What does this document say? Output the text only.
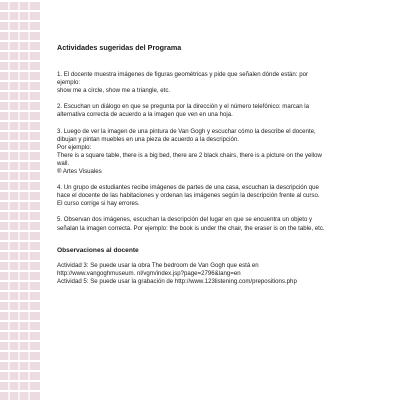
Actividades sugeridas del Programa
1. El docente muestra imágenes de figuras geométricas y pide que señalen dónde están: por
ejemplo:
show me a circle, show me a triangle, etc.
2. Escuchan un diálogo en que se pregunta por la dirección y el número telefónico: marcan la
alternativa correcta de acuerdo a la imagen que ven en una hoja.
3. Luego de ver la imagen de una pintura de Van Gogh y escuchar cómo la describe el docente,
dibujan y pintan muebles en una pieza de acuerdo a la descripción.
Por ejemplo:
There is a square table, there is a big bed, there are 2 black chairs, there is a picture on the yellow
wall.
® Artes Visuales
4. Un grupo de estudiantes recibe imágenes de partes de una casa, escuchan la descripción que
hace el docente de las habitaciones y ordenan las imágenes según la descripción frente al curso.
El curso corrige si hay errores.
5. Observan dos imágenes, escuchan la descripción del lugar en que se encuentra un objeto y
señalan la imagen correcta. Por ejemplo: the book is under the chair, the eraser is on the table, etc.
Observaciones al docente
Actividad 3: Se puede usar la obra The bedroom de Van Gogh que está en
http://www.vangoghmuseum. nl/vgm/index.jsp?page=2796&lang=en
Actividad 5: Se puede usar la grabación de http://www.123listening.com/prepositions.php
